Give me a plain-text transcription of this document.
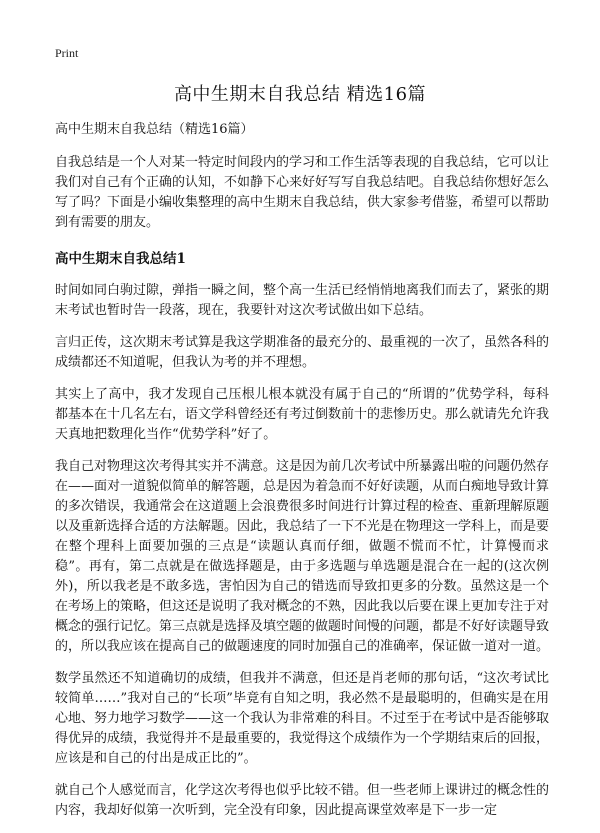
Print
高中生期末自我总结 精选16篇

高中生期末自我总结（精选16篇）

自我总结是一个人对某一特定时间段内的学习和工作生活等表现的自我总结，它可以让我们对自己有个正确的认知，不如静下心来好好写写自我总结吧。自我总结你想好怎么写了吗？下面是小编收集整理的高中生期末自我总结，供大家参考借鉴，希望可以帮助到有需要的朋友。

高中生期末自我总结1

时间如同白驹过隙，弹指一瞬之间，整个高一生活已经悄悄地离我们而去了，紧张的期末考试也暂时告一段落，现在，我要针对这次考试做出如下总结。

言归正传，这次期末考试算是我这学期准备的最充分的、最重视的一次了，虽然各科的成绩都还不知道呢，但我认为考的并不理想。

其实上了高中，我才发现自己压根儿根本就没有属于自己的“所谓的”优势学科，每科都基本在十几名左右，语文学科曾经还有考过倒数前十的悲惨历史。那么就请先允许我天真地把数理化当作“优势学科”好了。

我自己对物理这次考得其实并不满意。这是因为前几次考试中所暴露出啦的问题仍然存在——面对一道貌似简单的解答题，总是因为着急而不好好读题，从而白痴地导致计算的多次错误，我通常会在这道题上会浪费很多时间进行计算过程的检查、重新理解原题以及重新选择合适的方法解题。因此，我总结了一下不光是在物理这一学科上，而是要在整个理科上面要加强的三点是“读题认真而仔细，做题不慌而不忙，计算慢而求稳”。再有，第二点就是在做选择题是，由于多选题与单选题是混合在一起的(这次例外)，所以我老是不敢多选，害怕因为自己的错选而导致扣更多的分数。虽然这是一个在考场上的策略，但这还是说明了我对概念的不熟，因此我以后要在课上更加专注于对概念的强行记忆。第三点就是选择及填空题的做题时间慢的问题，都是不好好读题导致的，所以我应该在提高自己的做题速度的同时加强自己的准确率，保证做一道对一道。

数学虽然还不知道确切的成绩，但我并不满意，但还是肖老师的那句话，“这次考试比较简单……”我对自己的“长项”毕竟有自知之明，我必然不是最聪明的，但确实是在用心地、努力地学习数学——这一个我认为非常难的科目。不过至于在考试中是否能够取得优异的成绩，我觉得并不是最重要的，我觉得这个成绩作为一个学期结束后的回报，应该是和自己的付出是成正比的”。

就自己个人感觉而言，化学这次考得也似乎比较不错。但一些老师上课讲过的概念性的内容，我却好似第一次听到，完全没有印象，因此提高课堂效率是下一步一定
